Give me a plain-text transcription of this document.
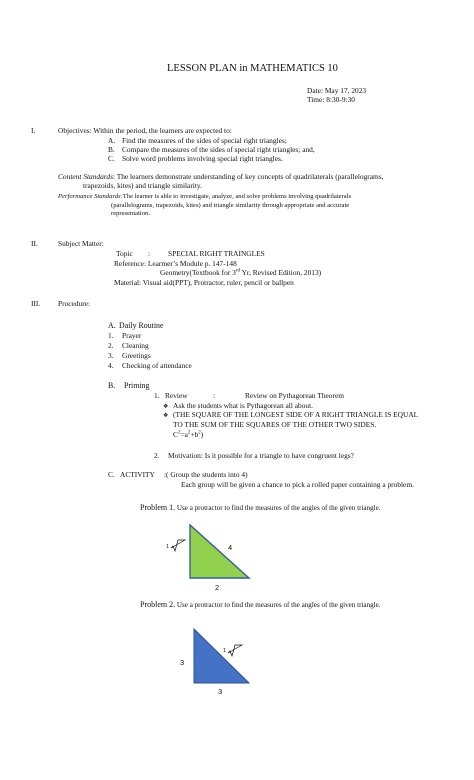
LESSON PLAN in MATHEMATICS 10
Date: May 17, 2023
Time: 8:30-9:30
I.	Objectives: Within the period, the learners are expected to:
A. Find the measures of the sides of special right triangles;
B. Compare the measures of the sides of special right triangles; and,
C. Solve word problems involving special right triangles.
Content Standards: The learners demonstrate understanding of key concepts of quadrilaterals (parallelograms,
trapezoids, kites) and triangle similarity.
Performance Standards:The learner is able to investigate, analyze, and solve problems involving quadrilaterals
(parallelograms, trapezoids, kites) and triangle similarity through appropriate and accurate
representation.
II.	Subject Matter:
Topic : SPECIAL RIGHT TRAINGLES
Reference: Learmer’s Module p. 147-148
Geometry(Textbook for 3rd Yr, Revised Edition, 2013)
Material: Visual aid(PPT), Protractor, ruler, pencil or ballpen
III. Procedure:
A. Daily Routine
1. Prayer
2. Cleaning
3. Greetings
4. Checking of attendance
B. Priming
1. Review	:	Review on Pythagorean Theorem
❖ Ask the students what is Pythagorean all about.
❖ (THE SQUARE OF THE LONGEST SIDE OF A RIGHT TRIANGLE IS EQUAL
TO THE SUM OF THE SQUARES OF THE OTHER TWO SIDES.
$C^2=a^2+b^2$)
2. Motivation: Is it possible for a triangle to have congruent legs?
C. ACTIVITY :( Group the students into 4)
Each group will be given a chance to pick a rolled paper containing a problem.
Problem 1. Use a protractor to find the measures of the angles of the given triangle.
1	4
2
Problem 2. Use a protractor to find the measures of the angles of the given triangle.
1
3
3
